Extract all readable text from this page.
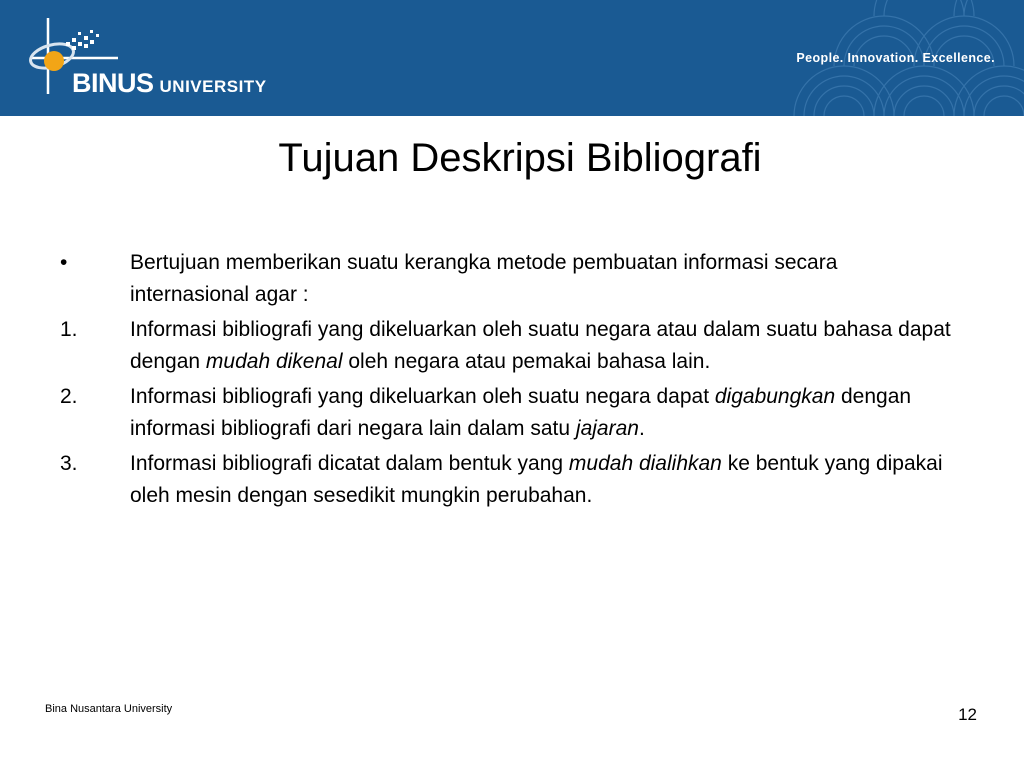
BINUS UNIVERSITY
People. Innovation. Excellence.
Tujuan Deskripsi Bibliografi
•	Bertujuan memberikan suatu kerangka metode pembuatan informasi secara internasional agar :
1.	Informasi bibliografi yang dikeluarkan oleh suatu negara atau dalam suatu bahasa dapat dengan mudah dikenal oleh negara atau pemakai bahasa lain.
2.	Informasi bibliografi yang dikeluarkan oleh suatu negara dapat digabungkan dengan informasi bibliografi dari negara lain dalam satu jajaran.
3.	Informasi bibliografi dicatat dalam bentuk yang mudah dialihkan ke bentuk yang dipakai oleh mesin dengan sesedikit mungkin perubahan.
Bina Nusantara University	12
